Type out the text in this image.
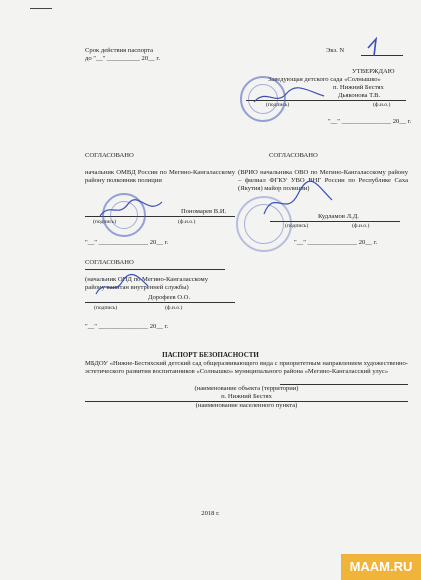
Срок действия паспорта
до "__" __________ 20__ г.
Экз. N
УТВЕРЖДАЮ
Заведующая детского сада «Солнышко»
п. Нижний Бестях
Дьяконова Т.В.
(подпись)	(ф.и.о.)
"__" _______________ 20__ г.
СОГЛАСОВАНО
начальник ОМВД России по Мегино-Кангаласскому району полковник полиции
Пономарев В.И.
(подпись)	(ф.и.о.)
"__" _______________ 20__ г.
СОГЛАСОВАНО
(ВРИО начальника ОВО по Мегино-Кангаласскому району – филиал ФГКУ УВО ВНГ России по Республике Саха (Якутия) майор полиции)
Кудламов Л.Д.
(подпись)	(ф.и.о.)
"__" _______________ 20__ г.
СОГЛАСОВАНО
(начальник ОНД по Мегино-Кангаласскому
району капитан внутренней службы)
Дорофеев О.О.
(подпись)	(ф.и.о.)
"__" _______________ 20__ г.
ПАСПОРТ БЕЗОПАСНОСТИ
МБДОУ «Нижне-Бестяхский детский сад общеразвивающего вида с приоритетным направлением художественно-эстетического развития воспитанников «Солнышко» муниципального района «Мегино-Кангаласский улус»
(наименование объекта (территории)
п. Нижний Бестях
(наименование населенного пункта)
2018 г.
MAAM.RU
